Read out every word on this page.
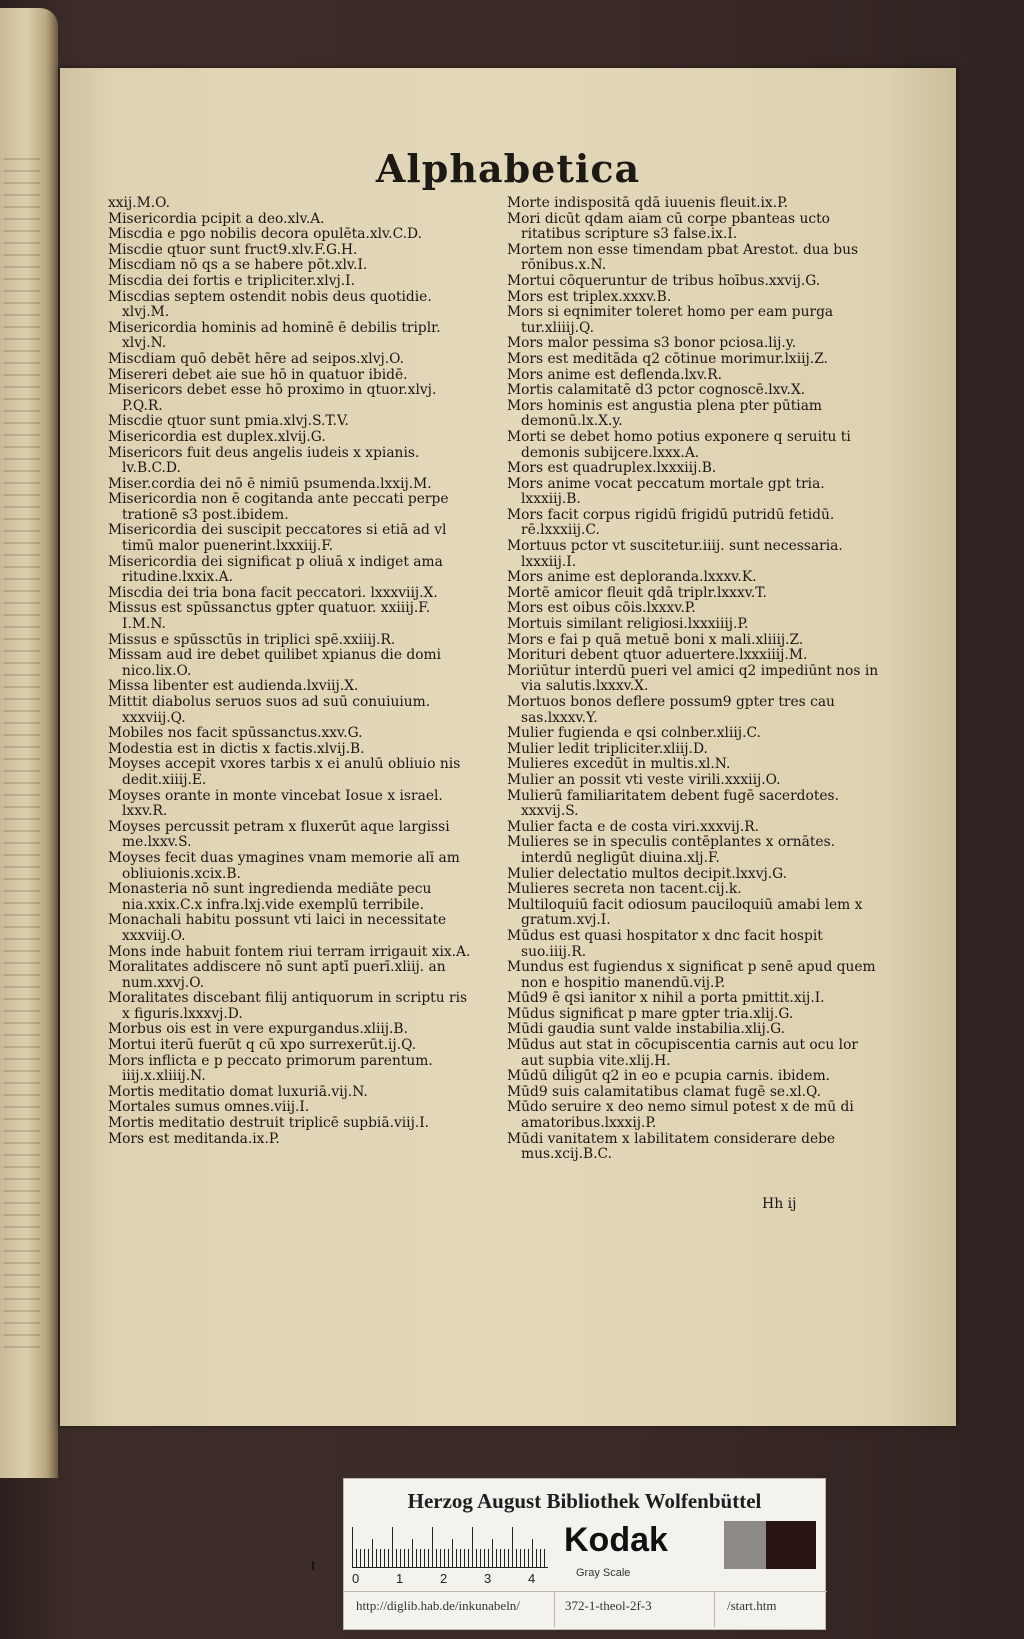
Alphabetica

xxij.M.O.

Misericordia pcipit a deo.xlv.A.

Miscdia e pgo nobilis decora opulēta.xlv.C.D.

Miscdie qtuor sunt fruct9.xlv.F.G.H.

Miscdiam nō qs a se habere pōt.xlv.I.

Miscdia dei fortis e tripliciter.xlvj.I.

Miscdias septem ostendit nobis deus quotidie. xlvj.M.

Misericordia hominis ad hominē ē debilis triplr. xlvj.N.

Miscdiam quō debēt hēre ad seipos.xlvj.O.

Misereri debet aie sue hō in quatuor ibidē.

Misericors debet esse hō proximo in qtuor.xlvj. P.Q.R.

Miscdie qtuor sunt pmia.xlvj.S.T.V.

Misericordia est duplex.xlvij.G.

Misericors fuit deus angelis iudeis x xpianis. lv.B.C.D.

Miser.cordia dei nō ē nimiū psumenda.lxxij.M.

Misericordia non ē cogitanda ante peccati perpe trationē s3 post.ibidem.

Misericordia dei suscipit peccatores si etiā ad vl timū malor puenerint.lxxxiij.F.

Misericordia dei significat p oliuā x indiget ama ritudine.lxxix.A.

Miscdia dei tria bona facit peccatori. lxxxviij.X.

Missus est spūssanctus gpter quatuor. xxiiij.F. I.M.N.

Missus e spūssctūs in triplici spē.xxiiij.R.

Missam aud ire debet quilibet xpianus die domi nico.lix.O.

Missa libenter est audienda.lxviij.X.

Mittit diabolus seruos suos ad suū conuiuium. xxxviij.Q.

Mobiles nos facit spūssanctus.xxv.G.

Modestia est in dictis x factis.xlvij.B.

Moyses accepit vxores tarbis x ei anulū obliuio nis dedit.xiiij.E.

Moyses orante in monte vincebat Iosue x israel. lxxv.R.

Moyses percussit petram x fluxerūt aque largissi me.lxxv.S.

Moyses fecit duas ymagines vnam memorie alī am obliuionis.xcix.B.

Monasteria nō sunt ingredienda mediāte pecu nia.xxix.C.x infra.lxj.vide exemplū terribile.

Monachali habitu possunt vti laici in necessitate xxxviij.O.

Mons inde habuit fontem riui terram irrigauit xix.A.

Moralitates addiscere nō sunt aptī puerī.xliij. an num.xxvj.O.

Moralitates discebant filij antiquorum in scriptu ris x figuris.lxxxvj.D.

Morbus ois est in vere expurgandus.xliij.B.

Mortui iterū fuerūt q cū xpo surrexerūt.ij.Q.

Mors inflicta e p peccato primorum parentum. iiij.x.xliiij.N.

Mortis meditatio domat luxuriā.vij.N.

Mortales sumus omnes.viij.I.

Mortis meditatio destruit triplicē supbiā.viij.I.

Mors est meditanda.ix.P.

Morte indispositā qdā iuuenis fleuit.ix.P.

Mori dicūt qdam aiam cū corpe pbanteas ucto ritatibus scripture s3 false.ix.I.

Mortem non esse timendam pbat Arestot. dua bus rōnibus.x.N.

Mortui cōqueruntur de tribus hoībus.xxvij.G.

Mors est triplex.xxxv.B.

Mors si eqnimiter toleret homo per eam purga tur.xliiij.Q.

Mors malor pessima s3 bonor pciosa.lij.y.

Mors est meditāda q2 cōtinue morimur.lxiij.Z.

Mors anime est deflenda.lxv.R.

Mortis calamitatē d3 pctor cognoscē.lxv.X.

Mors hominis est angustia plena pter pūtiam demonū.lx.X.y.

Morti se debet homo potius exponere q seruitu ti demonis subijcere.lxxx.A.

Mors est quadruplex.lxxxiij.B.

Mors anime vocat peccatum mortale gpt tria. lxxxiij.B.

Mors facit corpus rigidū frigidū putridū fetidū. rē.lxxxiij.C.

Mortuus pctor vt suscitetur.iiij. sunt necessaria. lxxxiij.I.

Mors anime est deploranda.lxxxv.K.

Mortē amicor fleuit qdā triplr.lxxxv.T.

Mors est oibus cōis.lxxxv.P.

Mortuis similant religiosi.lxxxiiij.P.

Mors e fai p quā metuē boni x mali.xliiij.Z.

Morituri debent qtuor aduertere.lxxxiiij.M.

Moriūtur interdū pueri vel amici q2 impediūnt nos in via salutis.lxxxv.X.

Mortuos bonos deflere possum9 gpter tres cau sas.lxxxv.Y.

Mulier fugienda e qsi colnber.xliij.C.

Mulier ledit tripliciter.xliij.D.

Mulieres excedūt in multis.xl.N.

Mulier an possit vti veste virili.xxxiij.O.

Mulierū familiaritatem debent fugē sacerdotes. xxxvij.S.

Mulier facta e de costa viri.xxxvij.R.

Mulieres se in speculis contēplantes x ornātes. interdū negligūt diuina.xlj.F.

Mulier delectatio multos decipit.lxxvj.G.

Mulieres secreta non tacent.cij.k.

Multiloquiū facit odiosum pauciloquiū amabi lem x gratum.xvj.I.

Mūdus est quasi hospitator x dnc facit hospit suo.iiij.R.

Mundus est fugiendus x significat p senē apud quem non e hospitio manendū.vij.P.

Mūd9 ē qsi ianitor x nihil a porta pmittit.xij.I.

Mūdus significat p mare gpter tria.xlij.G.

Mūdi gaudia sunt valde instabilia.xlij.G.

Mūdus aut stat in cōcupiscentia carnis aut ocu lor aut supbia vite.xlij.H.

Mūdū diligūt q2 in eo e pcupia carnis. ibidem.

Mūd9 suis calamitatibus clamat fugē se.xl.Q.

Mūdo seruire x deo nemo simul potest x de mū di amatoribus.lxxxij.P.

Mūdi vanitatem x labilitatem considerare debe mus.xcij.B.C.

Hh ij
Herzog August Bibliothek Wolfenbüttel
0	1	2	3	4
Kodak
Gray Scale
http://diglib.hab.de/inkunabeln/	372-1-theol-2f-3	/start.htm
